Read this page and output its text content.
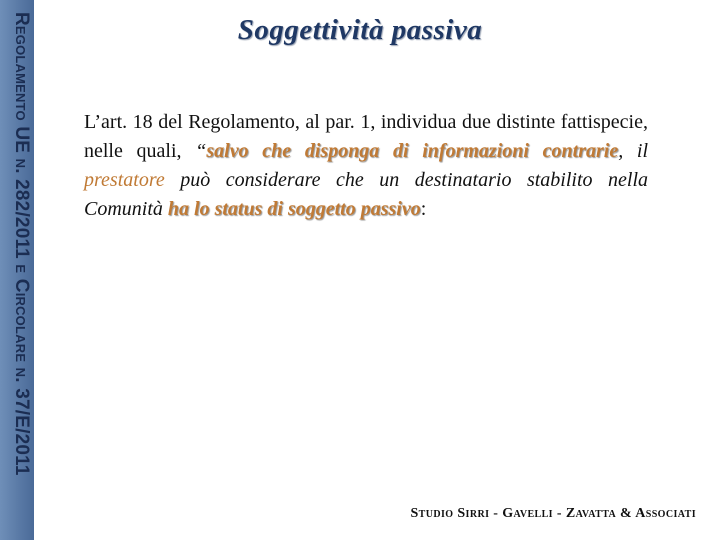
Regolamento UE n. 282/2011 e Circolare n. 37/E/2011	Soggettività passiva
L’art. 18 del Regolamento, al par. 1, individua due distinte fattispecie, nelle quali, “salvo che disponga di informazioni contrarie, il prestatore può considerare che un destinatario stabilito nella Comunità ha lo status di soggetto passivo:
Studio Sirri - Gavelli - Zavatta & Associati
